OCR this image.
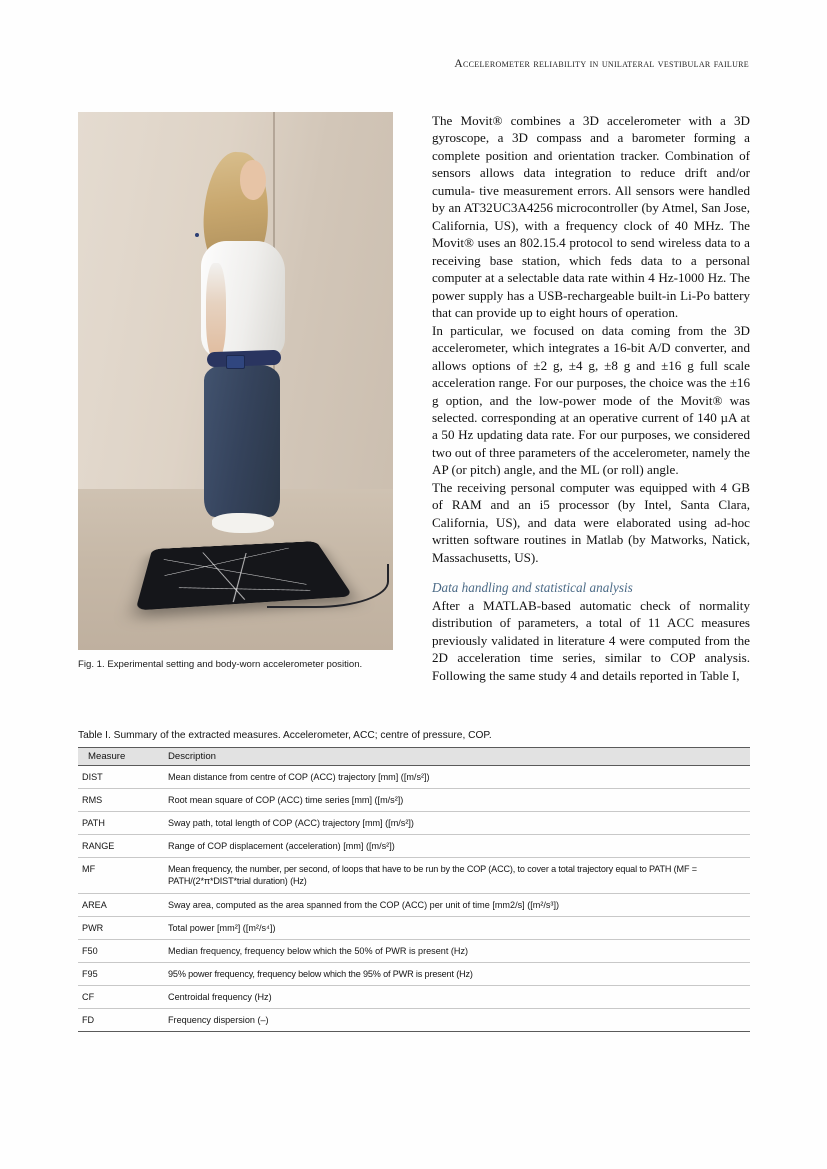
Accelerometer reliability in unilateral vestibular failure
Fig. 1. Experimental setting and body-worn accelerometer position.

The Movit® combines a 3D accelerometer with a 3D gyroscope, a 3D compass and a barometer forming a complete position and orientation tracker. Combination of sensors allows data integration to reduce drift and/or cumula- tive measurement errors. All sensors were handled by an AT32UC3A4256 microcontroller (by Atmel, San Jose, California, US), with a frequency clock of 40 MHz. The Movit® uses an 802.15.4 protocol to send wireless data to a receiving base station, which feds data to a personal computer at a selectable data rate within 4 Hz-1000 Hz. The power supply has a USB-rechargeable built-in Li-Po battery that can provide up to eight hours of operation.

In particular, we focused on data coming from the 3D accelerometer, which integrates a 16-bit A/D converter, and allows options of ±2 g, ±4 g, ±8 g and ±16 g full scale acceleration range. For our purposes, the choice was the ±16 g option, and the low-power mode of the Movit® was selected. corresponding at an operative current of 140 µA at a 50 Hz updating data rate. For our purposes, we considered two out of three parameters of the accelerometer, namely the AP (or pitch) angle, and the ML (or roll) angle.

The receiving personal computer was equipped with 4 GB of RAM and an i5 processor (by Intel, Santa Clara, California, US), and data were elaborated using ad-hoc written software routines in Matlab (by Matworks, Natick, Massachusetts, US).

Data handling and statistical analysis

After a MATLAB-based automatic check of normality distribution of parameters, a total of 11 ACC measures previously validated in literature 4 were computed from the 2D acceleration time series, similar to COP analysis. Following the same study 4 and details reported in Table I,

Table I. Summary of the extracted measures. Accelerometer, ACC; centre of pressure, COP.
Measure	Description
DIST	Mean distance from centre of COP (ACC) trajectory [mm] ([m/s²])
RMS	Root mean square of COP (ACC) time series [mm] ([m/s²])
PATH	Sway path, total length of COP (ACC) trajectory [mm] ([m/s²])
RANGE	Range of COP displacement (acceleration) [mm] ([m/s²])
MF	Mean frequency, the number, per second, of loops that have to be run by the COP (ACC), to cover a total trajectory equal to PATH (MF = PATH/(2*π*DIST*trial duration) (Hz)
AREA	Sway area, computed as the area spanned from the COP (ACC) per unit of time [mm2/s] ([m²/s³])
PWR	Total power [mm²] ([m²/s⁴])
F50	Median frequency, frequency below which the 50% of PWR is present (Hz)
F95	95% power frequency, frequency below which the 95% of PWR is present (Hz)
CF	Centroidal frequency (Hz)
FD	Frequency dispersion (–)
